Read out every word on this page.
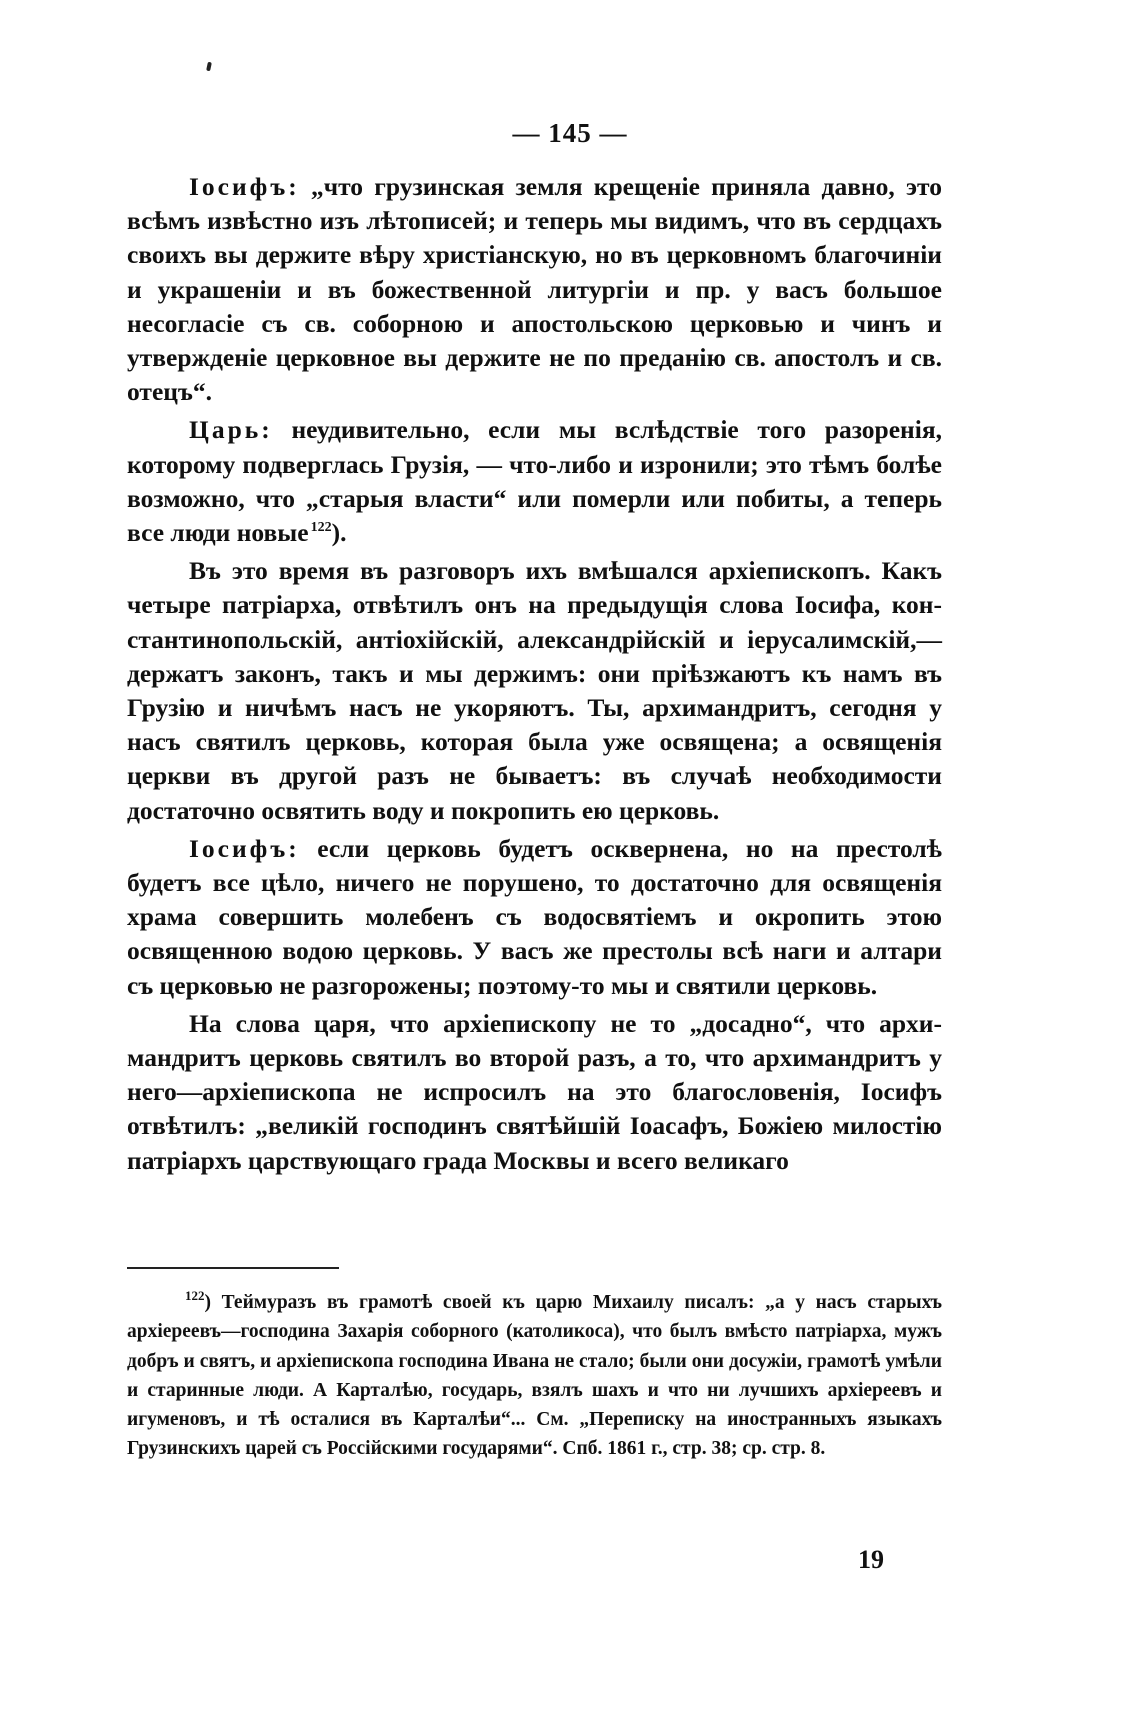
— 145 —

Іосифъ: „что грузинская земля крещеніе приняла давно, это всѣмъ извѣстно изъ лѣтописей; и теперь мы видимъ, что въ сердцахъ своихъ вы держите вѣру христіанскую, но въ церковномъ благочиніи и украшеніи и въ божественной литургіи и пр. у васъ большое несогласіе съ св. соборною и апостольскою церковью и чинъ и утвержденіе церковное вы держите не по преданію св. апостолъ и св. отецъ“.

Царь: неудивительно, если мы вслѣдствіе того разоренія, которому подверглась Грузія, — что-либо и изронили; это тѣмъ болѣе возможно, что „старыя власти“ или померли или побиты, а теперь все люди новые  $^{122}$).

Въ это время въ разговоръ ихъ вмѣшался архіепископъ. Какъ четыре патріарха, отвѣтилъ онъ на предыдущія слова Іосифа, константинопольскій, антіохійскій, александрійскій и іерусалимскій,— держатъ законъ, такъ и мы держимъ: они пріѣзжаютъ къ намъ въ Грузію и ничѣмъ насъ не укоряютъ. Ты, архимандритъ, сегодня у насъ святилъ церковь, которая была уже освящена; а освященія церкви въ другой разъ не бываетъ: въ случаѣ необходимости достаточно освятить воду и покропить ею церковь.

Іосифъ: если церковь будетъ осквернена, но на престолѣ будетъ все цѣло, ничего не порушено, то достаточно для освященія храма совершить молебенъ съ водосвятіемъ и окропить этою освященною водою церковь. У васъ же престолы всѣ наги и алтари съ церковью не разгорожены; поэтому-то мы и святили церковь.

На слова царя, что архіепископу не то „досадно“, что архимандритъ церковь святилъ во второй разъ, а то, что архимандритъ у него—архіепископа не испросилъ на это благословенія, Іосифъ отвѣтилъ: „великій господинъ святѣйшій Іоасафъ, Божіею милостію патріархъ царствующаго града Москвы и всего великаго

$^{122}$) Теймуразъ въ грамотѣ своей къ царю Михаилу писалъ: „а у насъ старыхъ архіереевъ—господина Захарія соборного (католикоса), что былъ вмѣсто патріарха, мужъ добръ и святъ, и архіепископа господина Ивана не стало; были они досужіи, грамотѣ умѣли и старинные люди. А Карталѣю, государь, взялъ шахъ и что ни лучшихъ архіереевъ и игуменовъ, и тѣ осталися въ Карталѣи“... См. „Переписку на иностранныхъ языкахъ Грузинскихъ царей съ Россійскими государями“. Спб. 1861 г., стр. 38; ср. стр. 8.

19
